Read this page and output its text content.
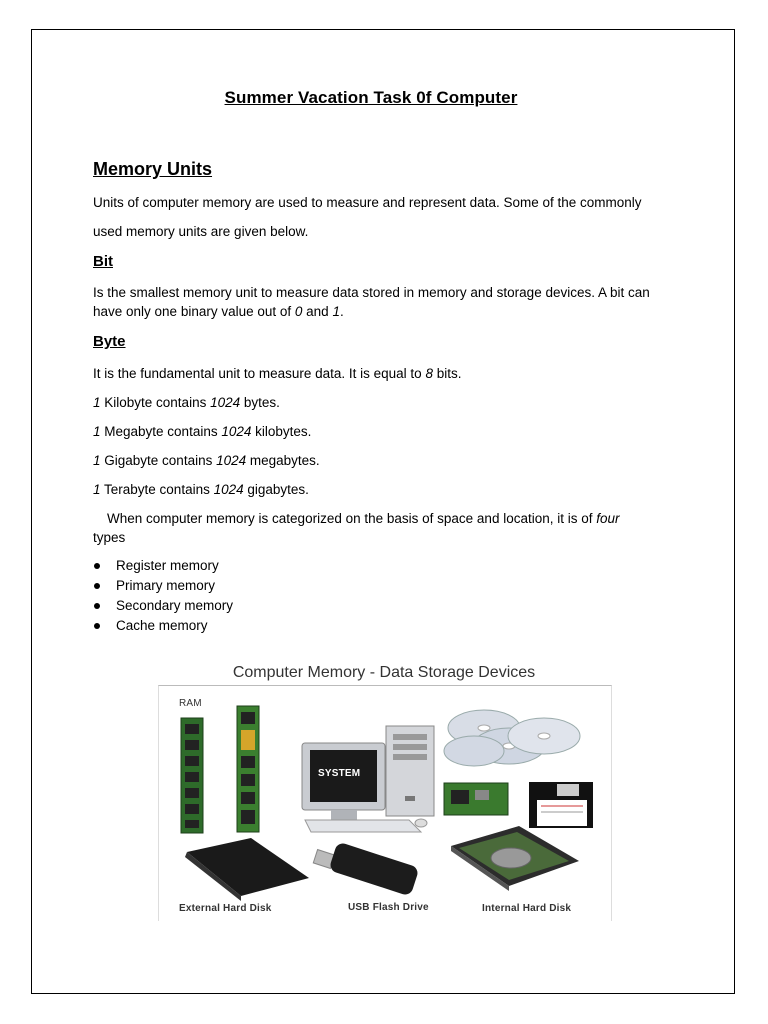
Summer Vacation Task 0f Computer
Memory Units
Units of computer memory are used to measure and represent data. Some of the commonly
used memory units are given below.
Bit
Is the smallest memory unit to measure data stored in memory and storage devices. A bit can
have only one binary value out of 0 and 1.
Byte
It is the fundamental unit to measure data. It is equal to 8 bits.
1 Kilobyte contains 1024 bytes.
1 Megabyte contains 1024 kilobytes.
1 Gigabyte contains 1024 megabytes.
1 Terabyte contains 1024 gigabytes.
When computer memory is categorized on the basis of space and location, it is of four
types
Register memory
Primary memory
Secondary memory
Cache memory
Computer Memory - Data Storage Devices
RAM
SYSTEM
External Hard Disk	USB Flash Drive	Internal Hard Disk
